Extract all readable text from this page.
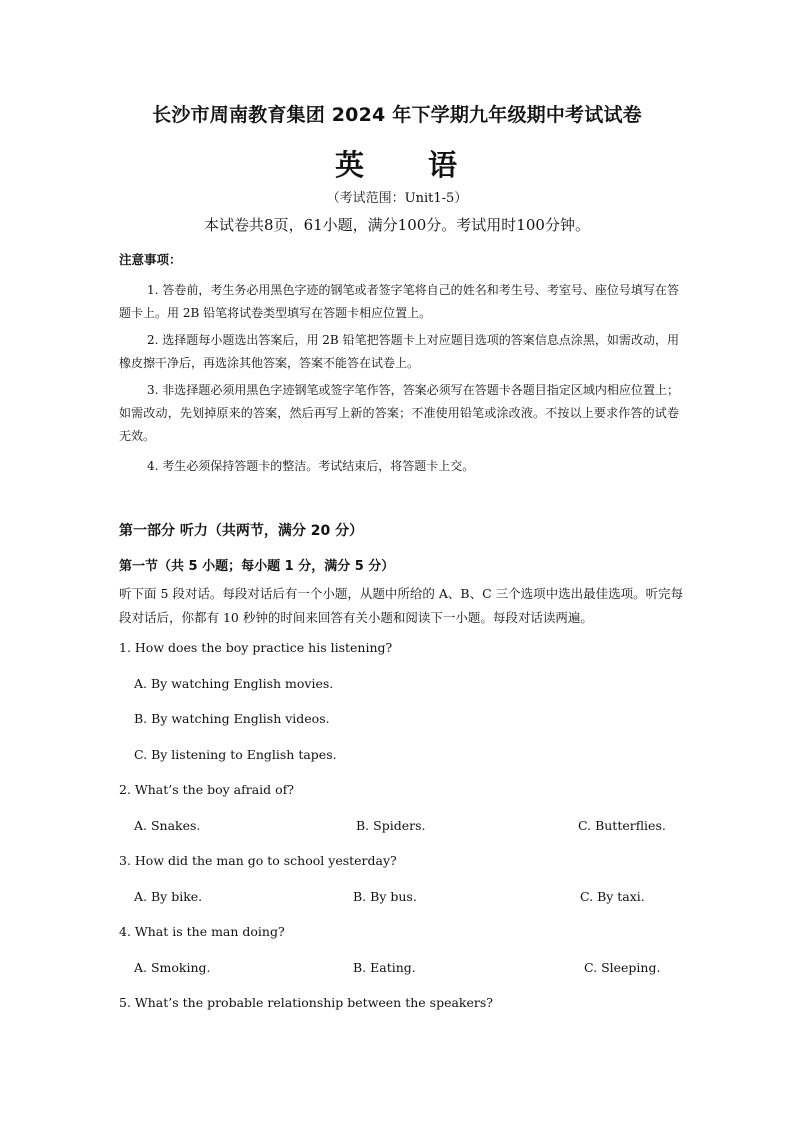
长沙市周南教育集团 2024 年下学期九年级期中考试试卷
英　　语
（考试范围：Unit1-5）
本试卷共8页，61小题，满分100分。考试用时100分钟。
注意事项：
1. 答卷前，考生务必用黑色字迹的钢笔或者签字笔将自己的姓名和考生号、考室号、座位号填写在答题卡上。用 2B 铅笔将试卷类型填写在答题卡相应位置上。
2. 选择题每小题选出答案后，用 2B 铅笔把答题卡上对应题目选项的答案信息点涂黑，如需改动，用橡皮擦干净后，再选涂其他答案，答案不能答在试卷上。
3. 非选择题必须用黑色字迹钢笔或签字笔作答，答案必须写在答题卡各题目指定区域内相应位置上；如需改动，先划掉原来的答案，然后再写上新的答案；不准使用铅笔或涂改液。不按以上要求作答的试卷无效。
4. 考生必须保持答题卡的整洁。考试结束后，将答题卡上交。
第一部分 听力（共两节，满分 20 分）
第一节（共 5 小题；每小题 1 分，满分 5 分）
听下面 5 段对话。每段对话后有一个小题，从题中所给的 A、B、C 三个选项中选出最佳选项。听完每段对话后，你都有 10 秒钟的时间来回答有关小题和阅读下一小题。每段对话读两遍。
1. How does the boy practice his listening?
A. By watching English movies.
B. By watching English videos.
C. By listening to English tapes.
2. What’s the boy afraid of?
A. Snakes.	B. Spiders.	C. Butterflies.
3. How did the man go to school yesterday?
A. By bike.	B. By bus.	C. By taxi.
4. What is the man doing?
A. Smoking.	B. Eating.	C. Sleeping.
5. What’s the probable relationship between the speakers?
